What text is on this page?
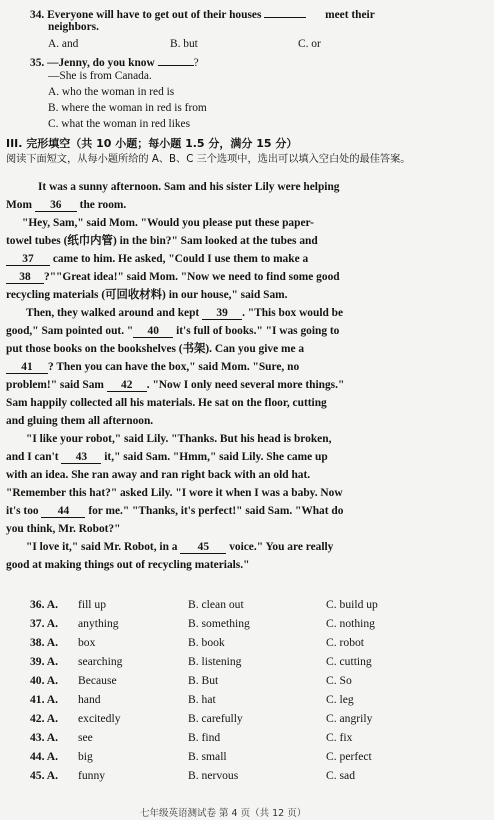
34. Everyone will have to get out of their houses	meet their
neighbors.
A. and	B. but	C. or
35. —Jenny, do you know	?
—She is from Canada.
A. who the woman in red is
B. where the woman in red is from
C. what the woman in red likes
III. 完形填空（共 10 小题；每小题 1.5 分，满分 15 分）
阅读下面短文，从每小题所给的 A、B、C 三个选项中，选出可以填入空白处的最佳答案。
It was a sunny afternoon. Sam and his sister Lily were helping
Mom 36 the room.
"Hey, Sam," said Mom. "Would you please put these paper-
towel tubes (纸巾内管) in the bin?" Sam looked at the tubes and
37 came to him. He asked, "Could I use them to make a
38 ?""Great idea!" said Mom. "Now we need to find some good
recycling materials (可回收材料) in our house," said Sam.
Then, they walked around and kept 39 . "This box would be
good," Sam pointed out. " 40 it's full of books." "I was going to
put those books on the bookshelves (书架). Can you give me a
41 ? Then you can have the box," said Mom. "Sure, no
problem!" said Sam 42 . "Now I only need several more things."
Sam happily collected all his materials. He sat on the floor, cutting
and gluing them all afternoon.
"I like your robot," said Lily. "Thanks. But his head is broken,
and I can't 43 it," said Sam. "Hmm," said Lily. She came up
with an idea. She ran away and ran right back with an old hat.
"Remember this hat?" asked Lily. "I wore it when I was a baby. Now
it's too 44 for me." "Thanks, it's perfect!" said Sam. "What do
you think, Mr. Robot?"
"I love it," said Mr. Robot, in a 45 voice." You are really
good at making things out of recycling materials."
36. A. fill up	B. clean out	C. build up
37. A. anything	B. something	C. nothing
38. A. box	B. book	C. robot
39. A. searching	B. listening	C. cutting
40. A. Because	B. But	C. So
41. A. hand	B. hat	C. leg
42. A. excitedly	B. carefully	C. angrily
43. A. see	B. find	C. fix
44. A. big	B. small	C. perfect
45. A. funny	B. nervous	C. sad
七年级英语测试卷 第 4 页（共 12 页）
